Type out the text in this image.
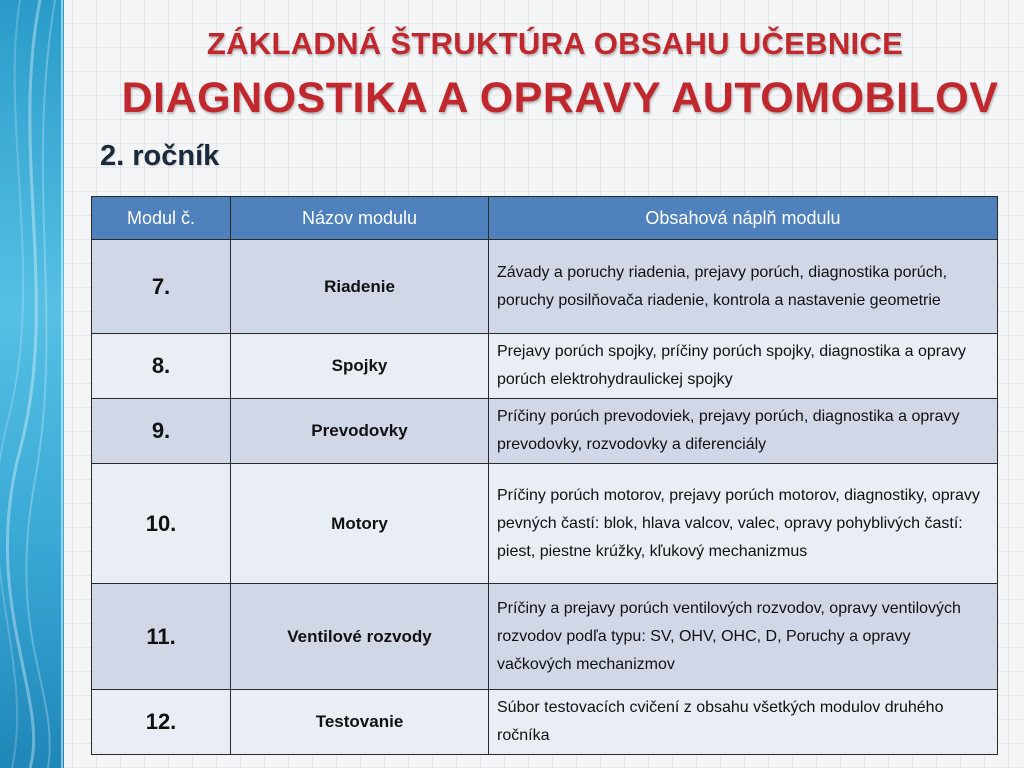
ZÁKLADNÁ ŠTRUKTÚRA OBSAHU UČEBNICE
DIAGNOSTIKA A OPRAVY AUTOMOBILOV
2. ročník
Modul č.	Názov modulu	Obsahová náplň modulu
7.	Riadenie	Závady a poruchy riadenia, prejavy porúch, diagnostika porúch, poruchy posilňovača riadenie, kontrola a nastavenie geometrie
8.	Spojky	Prejavy porúch spojky, príčiny porúch spojky, diagnostika a opravy porúch elektrohydraulickej spojky
9.	Prevodovky	Príčiny porúch prevodoviek, prejavy porúch, diagnostika a opravy prevodovky, rozvodovky a diferenciály
10.	Motory	Príčiny porúch motorov, prejavy porúch motorov, diagnostiky, opravy pevných častí: blok, hlava valcov, valec, opravy pohyblivých častí: piest, piestne krúžky, kľukový mechanizmus
11.	Ventilové rozvody	Príčiny a prejavy porúch ventilových rozvodov, opravy ventilových rozvodov podľa typu: SV, OHV, OHC, D, Poruchy a opravy vačkových mechanizmov
12.	Testovanie	Súbor testovacích cvičení z obsahu všetkých modulov druhého ročníka
